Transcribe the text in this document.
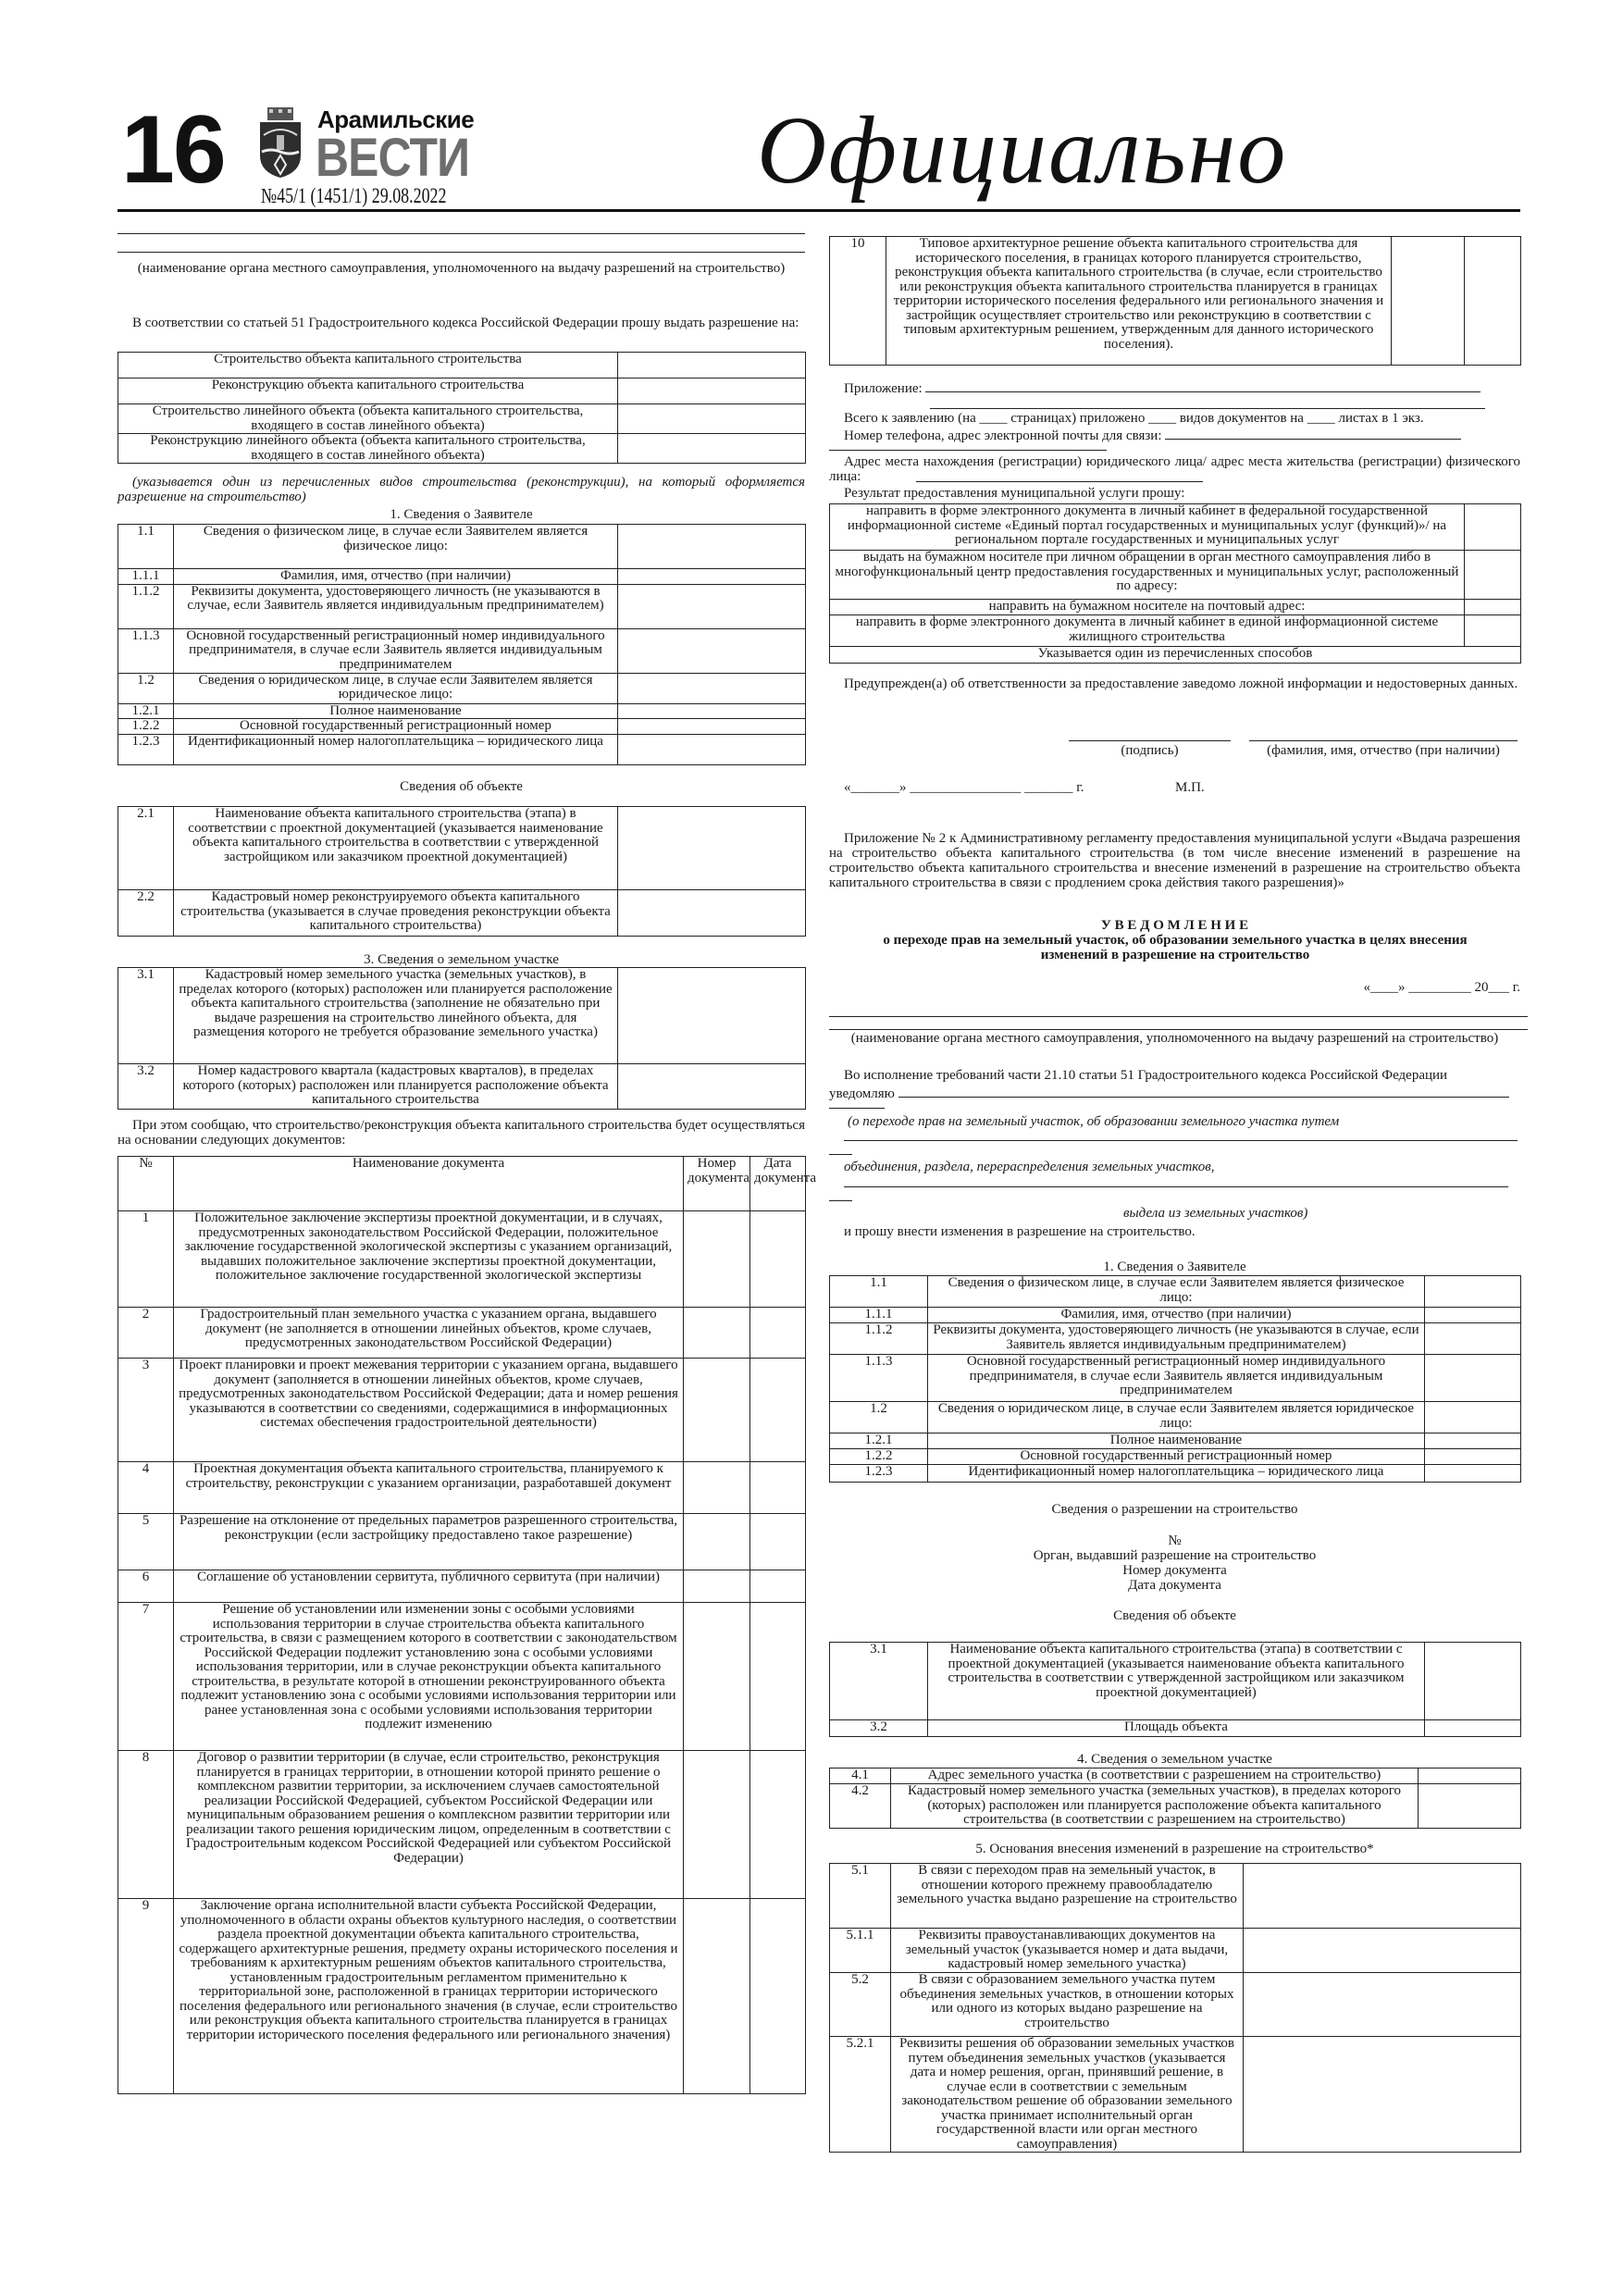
16	Арамильские
ВЕСТИ
№45/1 (1451/1) 29.08.2022	Официально
(наименование органа местного самоуправления, уполномоченного на выдачу разрешений на строительство)
В соответствии со статьей 51 Градостроительного кодекса Российской Федерации прошу выдать разрешение на:
Строительство объекта капитального строительства	
Реконструкцию объекта капитального строительства	
Строительство линейного объекта (объекта капитального строительства, входящего в состав линейного объекта)	
Реконструкцию линейного объекта (объекта капитального строительства, входящего в состав линейного объекта)	
(указывается один из перечисленных видов строительства (реконструкции), на который оформляется разрешение на строительство)
1. Сведения о Заявителе
1.1	Сведения о физическом лице, в случае если Заявителем является физическое лицо:	
1.1.1	Фамилия, имя, отчество (при наличии)	
1.1.2	Реквизиты документа, удостоверяющего личность (не указываются в случае, если Заявитель является индивидуальным предпринимателем)	
1.1.3	Основной государственный регистрационный номер индивидуального предпринимателя, в случае если Заявитель является индивидуальным предпринимателем	
1.2	Сведения о юридическом лице, в случае если Заявителем является юридическое лицо:	
1.2.1	Полное наименование	
1.2.2	Основной государственный регистрационный номер	
1.2.3	Идентификационный номер налогоплательщика – юридического лица	
Сведения об объекте
2.1	Наименование объекта капитального строительства (этапа) в соответствии с проектной документацией (указывается наименование объекта капитального строительства в соответствии с утвержденной застройщиком или заказчиком проектной документацией)	
2.2	Кадастровый номер реконструируемого объекта капитального строительства (указывается в случае проведения реконструкции объекта капитального строительства)	
3. Сведения о земельном участке
3.1	Кадастровый номер земельного участка (земельных участков), в пределах которого (которых) расположен или планируется расположение объекта капитального строительства (заполнение не обязательно при выдаче разрешения на строительство линейного объекта, для размещения которого не требуется образование земельного участка)	
3.2	Номер кадастрового квартала (кадастровых кварталов), в пределах которого (которых) расположен или планируется расположение объекта капитального строительства	
При этом сообщаю, что строительство/реконструкция объекта капитального строительства будет осуществляться на основании следующих документов:
№	Наименование документа	Номер документа	Дата документа
1	Положительное заключение экспертизы проектной документации, и в случаях, предусмотренных законодательством Российской Федерации, положительное заключение государственной экологической экспертизы с указанием организаций, выдавших положительное заключение экспертизы проектной документации, положительное заключение государственной экологической экспертизы		
2	Градостроительный план земельного участка с указанием органа, выдавшего документ (не заполняется в отношении линейных объектов, кроме случаев, предусмотренных законодательством Российской Федерации)		
3	Проект планировки и проект межевания территории с указанием органа, выдавшего документ (заполняется в отношении линейных объектов, кроме случаев, предусмотренных законодательством Российской Федерации; дата и номер решения указываются в соответствии со сведениями, содержащимися в информационных системах обеспечения градостроительной деятельности)		
4	Проектная документация объекта капитального строительства, планируемого к строительству, реконструкции с указанием организации, разработавшей документ		
5	Разрешение на отклонение от предельных параметров разрешенного строительства, реконструкции (если застройщику предоставлено такое разрешение)		
6	Соглашение об установлении сервитута, публичного сервитута (при наличии)		
7	Решение об установлении или изменении зоны с особыми условиями использования территории в случае строительства объекта капитального строительства, в связи с размещением которого в соответствии с законодательством Российской Федерации подлежит установлению зона с особыми условиями использования территории, или в случае реконструкции объекта капитального строительства, в результате которой в отношении реконструированного объекта подлежит установлению зона с особыми условиями использования территории или ранее установленная зона с особыми условиями использования территории подлежит изменению		
8	Договор о развитии территории (в случае, если строительство, реконструкция планируется в границах территории, в отношении которой принято решение о комплексном развитии территории, за исключением случаев самостоятельной реализации Российской Федерацией, субъектом Российской Федерации или муниципальным образованием решения о комплексном развитии территории или реализации такого решения юридическим лицом, определенным в соответствии с Градостроительным кодексом Российской Федерацией или субъектом Российской Федерации)		
9	Заключение органа исполнительной власти субъекта Российской Федерации, уполномоченного в области охраны объектов культурного наследия, о соответствии раздела проектной документации объекта капитального строительства, содержащего архитектурные решения, предмету охраны исторического поселения и требованиям к архитектурным решениям объектов капитального строительства, установленным градостроительным регламентом применительно к территориальной зоне, расположенной в границах территории исторического поселения федерального или регионального значения (в случае, если строительство или реконструкция объекта капитального строительства планируется в границах территории исторического поселения федерального или регионального значения)		
10	Типовое архитектурное решение объекта капитального строительства для исторического поселения, в границах которого планируется строительство, реконструкция объекта капитального строительства (в случае, если строительство или реконструкция объекта капитального строительства планируется в границах территории исторического поселения федерального или регионального значения и застройщик осуществляет строительство или реконструкцию в соответствии с типовым архитектурным решением, утвержденным для данного исторического поселения).		
Приложение:
Всего к заявлению (на ____ страницах) приложено ____ видов документов на ____ листах в 1 экз.
Номер телефона, адрес электронной почты для связи:
Адрес места нахождения (регистрации) юридического лица/ адрес места жительства (регистрации) физического лица:
Результат предоставления муниципальной услуги прошу:
направить в форме электронного документа в личный кабинет в федеральной государственной информационной системе «Единый портал государственных и муниципальных услуг (функций)»/ на региональном портале государственных и муниципальных услуг	
выдать на бумажном носителе при личном обращении в орган местного самоуправления либо в многофункциональный центр предоставления государственных и муниципальных услуг, расположенный по адресу:	
направить на бумажном носителе на почтовый адрес:	
направить в форме электронного документа в личный кабинет в единой информационной системе жилищного строительства	
Указывается один из перечисленных способов	
Предупрежден(а) об ответственности за предоставление заведомо ложной информации и недостоверных данных.
(подпись)	(фамилия, имя, отчество (при наличии)
«_______» ________________ _______ г.	М.П.
Приложение № 2 к Административному регламенту предоставления муниципальной услуги «Выдача разрешения на строительство объекта капитального строительства (в том числе внесение изменений в разрешение на строительство объекта капитального строительства и внесение изменений в разрешение на строительство объекта капитального строительства в связи с продлением срока действия такого разрешения)»
У В Е Д О М Л Е Н И Е
о переходе прав на земельный участок, об образовании земельного участка в целях внесения изменений в разрешение на строительство
«____» _________ 20___ г.
(наименование органа местного самоуправления, уполномоченного на выдачу разрешений на строительство)
Во исполнение требований части 21.10 статьи 51 Градостроительного кодекса Российской Федерации
уведомляю
(о переходе прав на земельный участок, об образовании земельного участка путем
объединения, раздела, перераспределения земельных участков,
выдела из земельных участков)
и прошу внести изменения в разрешение на строительство.
1. Сведения о Заявителе
1.1	Сведения о физическом лице, в случае если Заявителем является физическое лицо:	
1.1.1	Фамилия, имя, отчество (при наличии)	
1.1.2	Реквизиты документа, удостоверяющего личность (не указываются в случае, если Заявитель является индивидуальным предпринимателем)	
1.1.3	Основной государственный регистрационный номер индивидуального предпринимателя, в случае если Заявитель является индивидуальным предпринимателем	
1.2	Сведения о юридическом лице, в случае если Заявителем является юридическое лицо:	
1.2.1	Полное наименование	
1.2.2	Основной государственный регистрационный номер	
1.2.3	Идентификационный номер налогоплательщика – юридического лица	
Сведения о разрешении на строительство
№
Орган, выдавший разрешение на строительство
Номер документа
Дата документа
Сведения об объекте
3.1	Наименование объекта капитального строительства (этапа) в соответствии с проектной документацией (указывается наименование объекта капитального строительства в соответствии с утвержденной застройщиком или заказчиком проектной документацией)	
3.2	Площадь объекта	
4. Сведения о земельном участке
4.1	Адрес земельного участка (в соответствии с разрешением на строительство)	
4.2	Кадастровый номер земельного участка (земельных участков), в пределах которого (которых) расположен или планируется расположение объекта капитального строительства (в соответствии с разрешением на строительство)	
5. Основания внесения изменений в разрешение на строительство*
5.1	В связи с переходом прав на земельный участок, в отношении которого прежнему правообладателю земельного участка выдано разрешение на строительство	
5.1.1	Реквизиты правоустанавливающих документов на земельный участок (указывается номер и дата выдачи, кадастровый номер земельного участка)	
5.2	В связи с образованием земельного участка путем объединения земельных участков, в отношении которых или одного из которых выдано разрешение на строительство	
5.2.1	Реквизиты решения об образовании земельных участков путем объединения земельных участков (указывается дата и номер решения, орган, принявший решение, в случае если в соответствии с земельным законодательством решение об образовании земельного участка принимает исполнительный орган государственной власти или орган местного самоуправления)	
